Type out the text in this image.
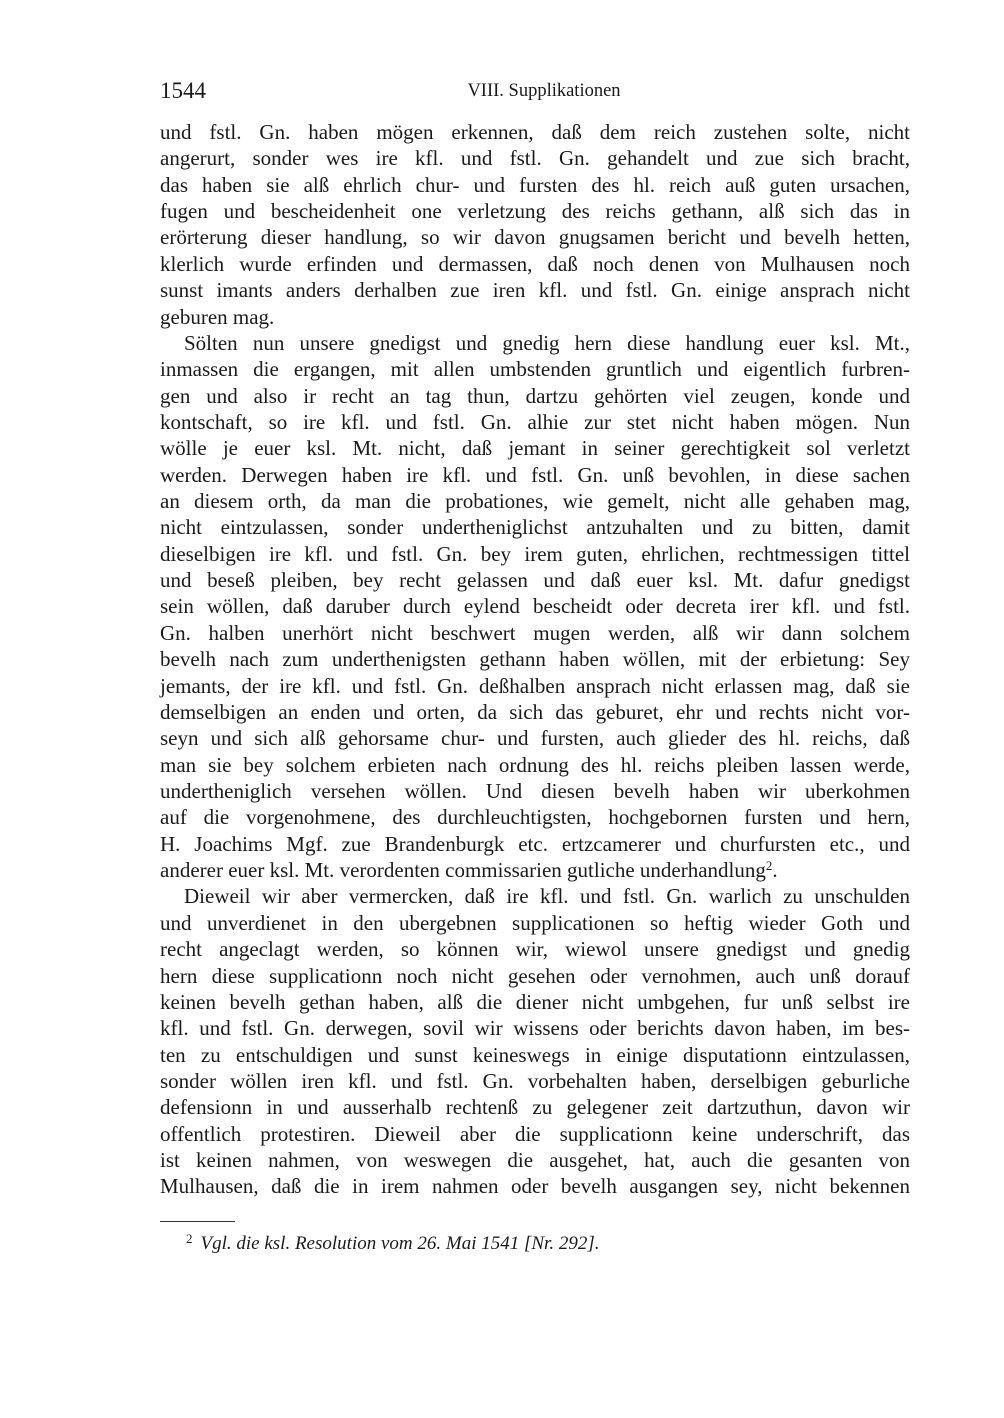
1544	VIII. Supplikationen
und fstl. Gn. haben mögen erkennen, daß dem reich zustehen solte, nicht
angerurt, sonder wes ire kfl. und fstl. Gn. gehandelt und zue sich bracht,
das haben sie alß ehrlich chur- und fursten des hl. reich auß guten ursachen,
fugen und bescheidenheit one verletzung des reichs gethann, alß sich das in
erörterung dieser handlung, so wir davon gnugsamen bericht und bevelh hetten,
klerlich wurde erfinden und dermassen, daß noch denen von Mulhausen noch
sunst imants anders derhalben zue iren kfl. und fstl. Gn. einige ansprach nicht
geburen mag.
Sölten nun unsere gnedigst und gnedig hern diese handlung euer ksl. Mt.,
inmassen die ergangen, mit allen umbstenden gruntlich und eigentlich furbren-
gen und also ir recht an tag thun, dartzu gehörten viel zeugen, konde und
kontschaft, so ire kfl. und fstl. Gn. alhie zur stet nicht haben mögen. Nun
wölle je euer ksl. Mt. nicht, daß jemant in seiner gerechtigkeit sol verletzt
werden. Derwegen haben ire kfl. und fstl. Gn. unß bevohlen, in diese sachen
an diesem orth, da man die probationes, wie gemelt, nicht alle gehaben mag,
nicht eintzulassen, sonder undertheniglichst antzuhalten und zu bitten, damit
dieselbigen ire kfl. und fstl. Gn. bey irem guten, ehrlichen, rechtmessigen tittel
und beseß pleiben, bey recht gelassen und daß euer ksl. Mt. dafur gnedigst
sein wöllen, daß daruber durch eylend bescheidt oder decreta irer kfl. und fstl.
Gn. halben unerhört nicht beschwert mugen werden, alß wir dann solchem
bevelh nach zum underthenigsten gethann haben wöllen, mit der erbietung: Sey
jemants, der ire kfl. und fstl. Gn. deßhalben ansprach nicht erlassen mag, daß sie
demselbigen an enden und orten, da sich das geburet, ehr und rechts nicht vor-
seyn und sich alß gehorsame chur- und fursten, auch glieder des hl. reichs, daß
man sie bey solchem erbieten nach ordnung des hl. reichs pleiben lassen werde,
undertheniglich versehen wöllen. Und diesen bevelh haben wir uberkohmen
auf die vorgenohmene, des durchleuchtigsten, hochgebornen fursten und hern,
H. Joachims Mgf. zue Brandenburgk etc. ertzcamerer und churfursten etc., und
anderer euer ksl. Mt. verordenten commissarien gutliche underhandlung$^2$.
Dieweil wir aber vermercken, daß ire kfl. und fstl. Gn. warlich zu unschulden
und unverdienet in den ubergebnen supplicationen so heftig wieder Goth und
recht angeclagt werden, so können wir, wiewol unsere gnedigst und gnedig
hern diese supplicationn noch nicht gesehen oder vernohmen, auch unß dorauf
keinen bevelh gethan haben, alß die diener nicht umbgehen, fur unß selbst ire
kfl. und fstl. Gn. derwegen, sovil wir wissens oder berichts davon haben, im bes-
ten zu entschuldigen und sunst keineswegs in einige disputationn eintzulassen,
sonder wöllen iren kfl. und fstl. Gn. vorbehalten haben, derselbigen geburliche
defensionn in und ausserhalb rechtenß zu gelegener zeit dartzuthun, davon wir
offentlich protestiren. Dieweil aber die supplicationn keine underschrift, das
ist keinen nahmen, von weswegen die ausgehet, hat, auch die gesanten von
Mulhausen, daß die in irem nahmen oder bevelh ausgangen sey, nicht bekennen
$^2$ Vgl. die ksl. Resolution vom 26. Mai 1541 [Nr. 292].
